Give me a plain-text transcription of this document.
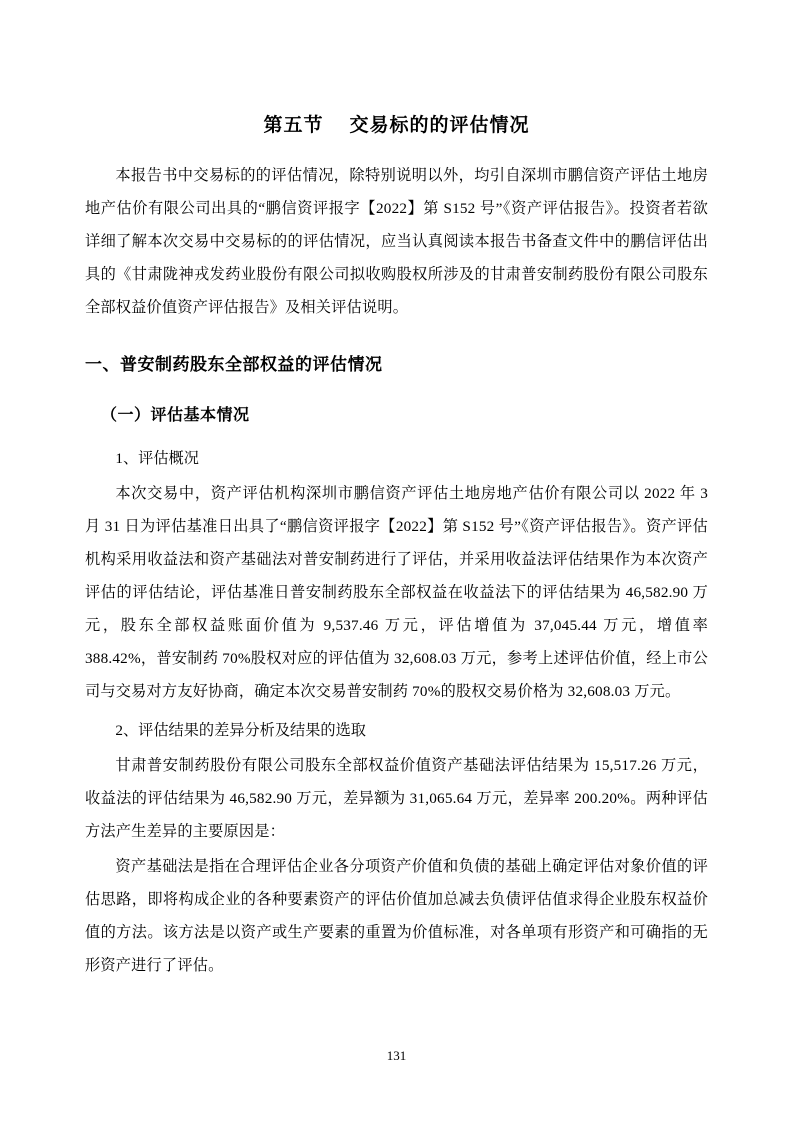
第五节 交易标的的评估情况

本报告书中交易标的的评估情况，除特别说明以外，均引自深圳市鹏信资产评估土地房地产估价有限公司出具的“鹏信资评报字【2022】第 S152 号”《资产评估报告》。投资者若欲详细了解本次交易中交易标的的评估情况，应当认真阅读本报告书备查文件中的鹏信评估出具的《甘肃陇神戎发药业股份有限公司拟收购股权所涉及的甘肃普安制药股份有限公司股东全部权益价值资产评估报告》及相关评估说明。

一、普安制药股东全部权益的评估情况
（一）评估基本情况

1、评估概况

本次交易中，资产评估机构深圳市鹏信资产评估土地房地产估价有限公司以 2022 年 3 月 31 日为评估基准日出具了“鹏信资评报字【2022】第 S152 号”《资产评估报告》。资产评估机构采用收益法和资产基础法对普安制药进行了评估，并采用收益法评估结果作为本次资产评估的评估结论，评估基准日普安制药股东全部权益在收益法下的评估结果为 46,582.90 万元，股东全部权益账面价值为 9,537.46 万元，评估增值为 37,045.44 万元，增值率 388.42%，普安制药 70%股权对应的评估值为 32,608.03 万元，参考上述评估价值，经上市公司与交易对方友好协商，确定本次交易普安制药 70%的股权交易价格为 32,608.03 万元。

2、评估结果的差异分析及结果的选取

甘肃普安制药股份有限公司股东全部权益价值资产基础法评估结果为 15,517.26 万元，收益法的评估结果为 46,582.90 万元，差异额为 31,065.64 万元，差异率 200.20%。两种评估方法产生差异的主要原因是：

资产基础法是指在合理评估企业各分项资产价值和负债的基础上确定评估对象价值的评估思路，即将构成企业的各种要素资产的评估价值加总减去负债评估值求得企业股东权益价值的方法。该方法是以资产或生产要素的重置为价值标准，对各单项有形资产和可确指的无形资产进行了评估。

131
